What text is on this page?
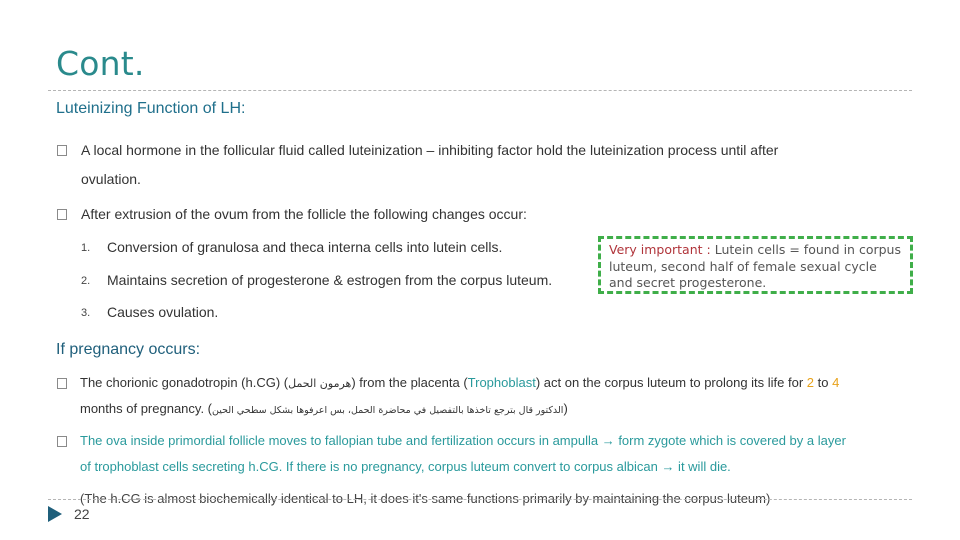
Cont.
Luteinizing Function of LH:
A local hormone in the follicular fluid called luteinization – inhibiting factor hold the luteinization process until after
ovulation.
After extrusion of the ovum from the follicle the following changes occur:
1. Conversion of granulosa and theca interna cells into lutein cells.
2. Maintains secretion of progesterone & estrogen from the corpus luteum.
3. Causes ovulation.
Very important : Lutein cells = found in corpus luteum, second half of female sexual cycle and secret progesterone.
If pregnancy occurs:
The chorionic gonadotropin (h.CG) (هرمون الحمل) from the placenta (Trophoblast) act on the corpus luteum to prolong its life for 2 to 4
months of pregnancy. (الدكتور قال بترجع تاخذها بالتفصيل في محاضرة الحمل، بس اعرفوها بشكل سطحي الحين)
The ova inside primordial follicle moves to fallopian tube and fertilization occurs in ampulla → form zygote which is covered by a layer
of trophoblast cells secreting h.CG. If there is no pregnancy, corpus luteum convert to corpus albican → it will die.
(The h.CG is almost biochemically identical to LH, it does it's same functions primarily by maintaining the corpus luteum)
22
